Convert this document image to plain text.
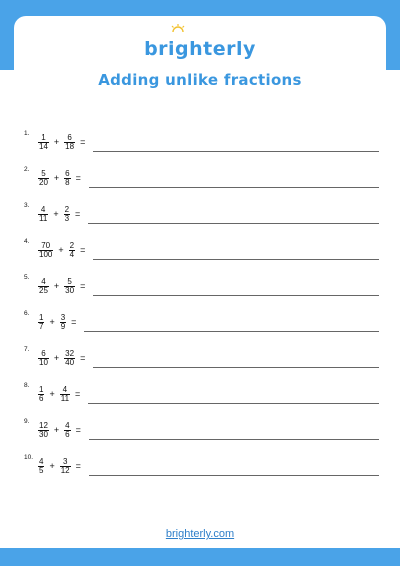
brighterly
Adding unlike fractions
1.	$\frac{1}{14} + \frac{6}{18}$ =
2.	$\frac{5}{20} + \frac{6}{8}$ =
3.	$\frac{4}{11} + \frac{2}{3}$ =
4.	$\frac{70}{100} + \frac{2}{4}$ =
5.	$\frac{4}{25} + \frac{5}{30}$ =
6.	$\frac{1}{7} + \frac{3}{9}$ =
7.	$\frac{6}{10} + \frac{32}{40}$ =
8.	$\frac{1}{6} + \frac{4}{11}$ =
9.	$\frac{12}{30} + \frac{4}{6}$ =
10. $\frac{4}{5} + \frac{3}{12}$ =
brighterly.com
